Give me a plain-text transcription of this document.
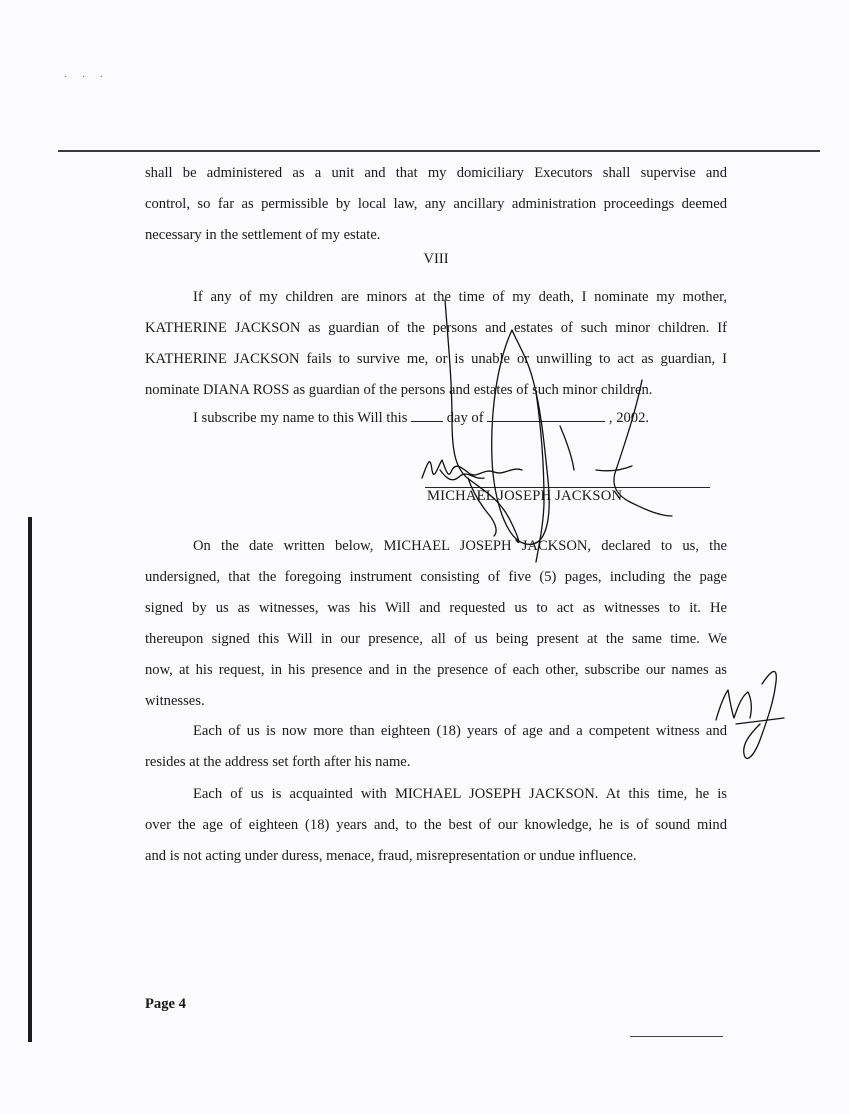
· · ·
shall be administered as a unit and that my domiciliary Executors shall supervise and
control, so far as permissible by local law, any ancillary administration proceedings deemed
necessary in the settlement of my estate.
VIII
If any of my children are minors at the time of my death, I nominate my mother,
KATHERINE JACKSON as guardian of the persons and estates of such minor children. If
KATHERINE JACKSON fails to survive me, or is unable or unwilling to act as guardian, I
nominate DIANA ROSS as guardian of the persons and estates of such minor children.
I subscribe my name to this Will this	day of	, 2002.
MICHAEL JOSEPH JACKSON
On the date written below, MICHAEL JOSEPH JACKSON, declared to us, the
undersigned, that the foregoing instrument consisting of five (5) pages, including the page
signed by us as witnesses, was his Will and requested us to act as witnesses to it. He
thereupon signed this Will in our presence, all of us being present at the same time. We
now, at his request, in his presence and in the presence of each other, subscribe our names as
witnesses.
Each of us is now more than eighteen (18) years of age and a competent witness and
resides at the address set forth after his name.
Each of us is acquainted with MICHAEL JOSEPH JACKSON. At this time, he is
over the age of eighteen (18) years and, to the best of our knowledge, he is of sound mind
and is not acting under duress, menace, fraud, misrepresentation or undue influence.
Page 4
